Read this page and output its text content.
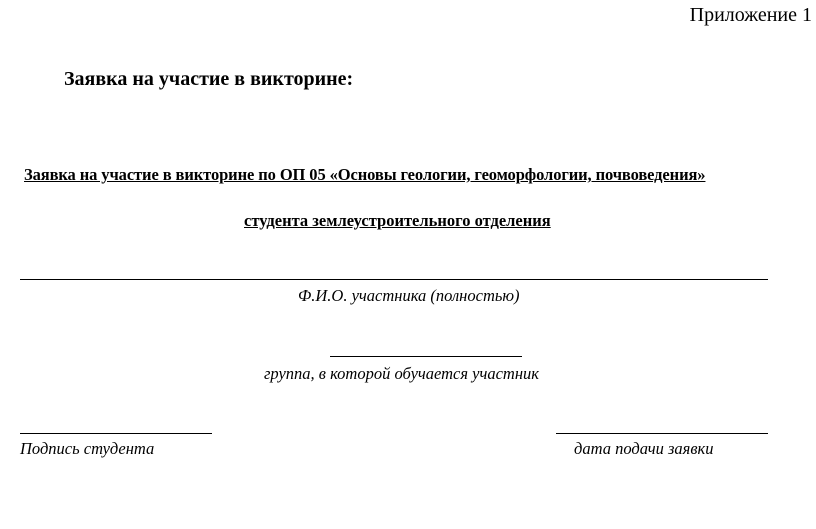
Приложение 1
Заявка на участие в викторине:
Заявка на участие в викторине по ОП 05 «Основы геологии, геоморфологии, почвоведения»
студента землеустроительного отделения
Ф.И.О. участника (полностью)
группа, в которой обучается участник
Подпись студента	дата подачи заявки
